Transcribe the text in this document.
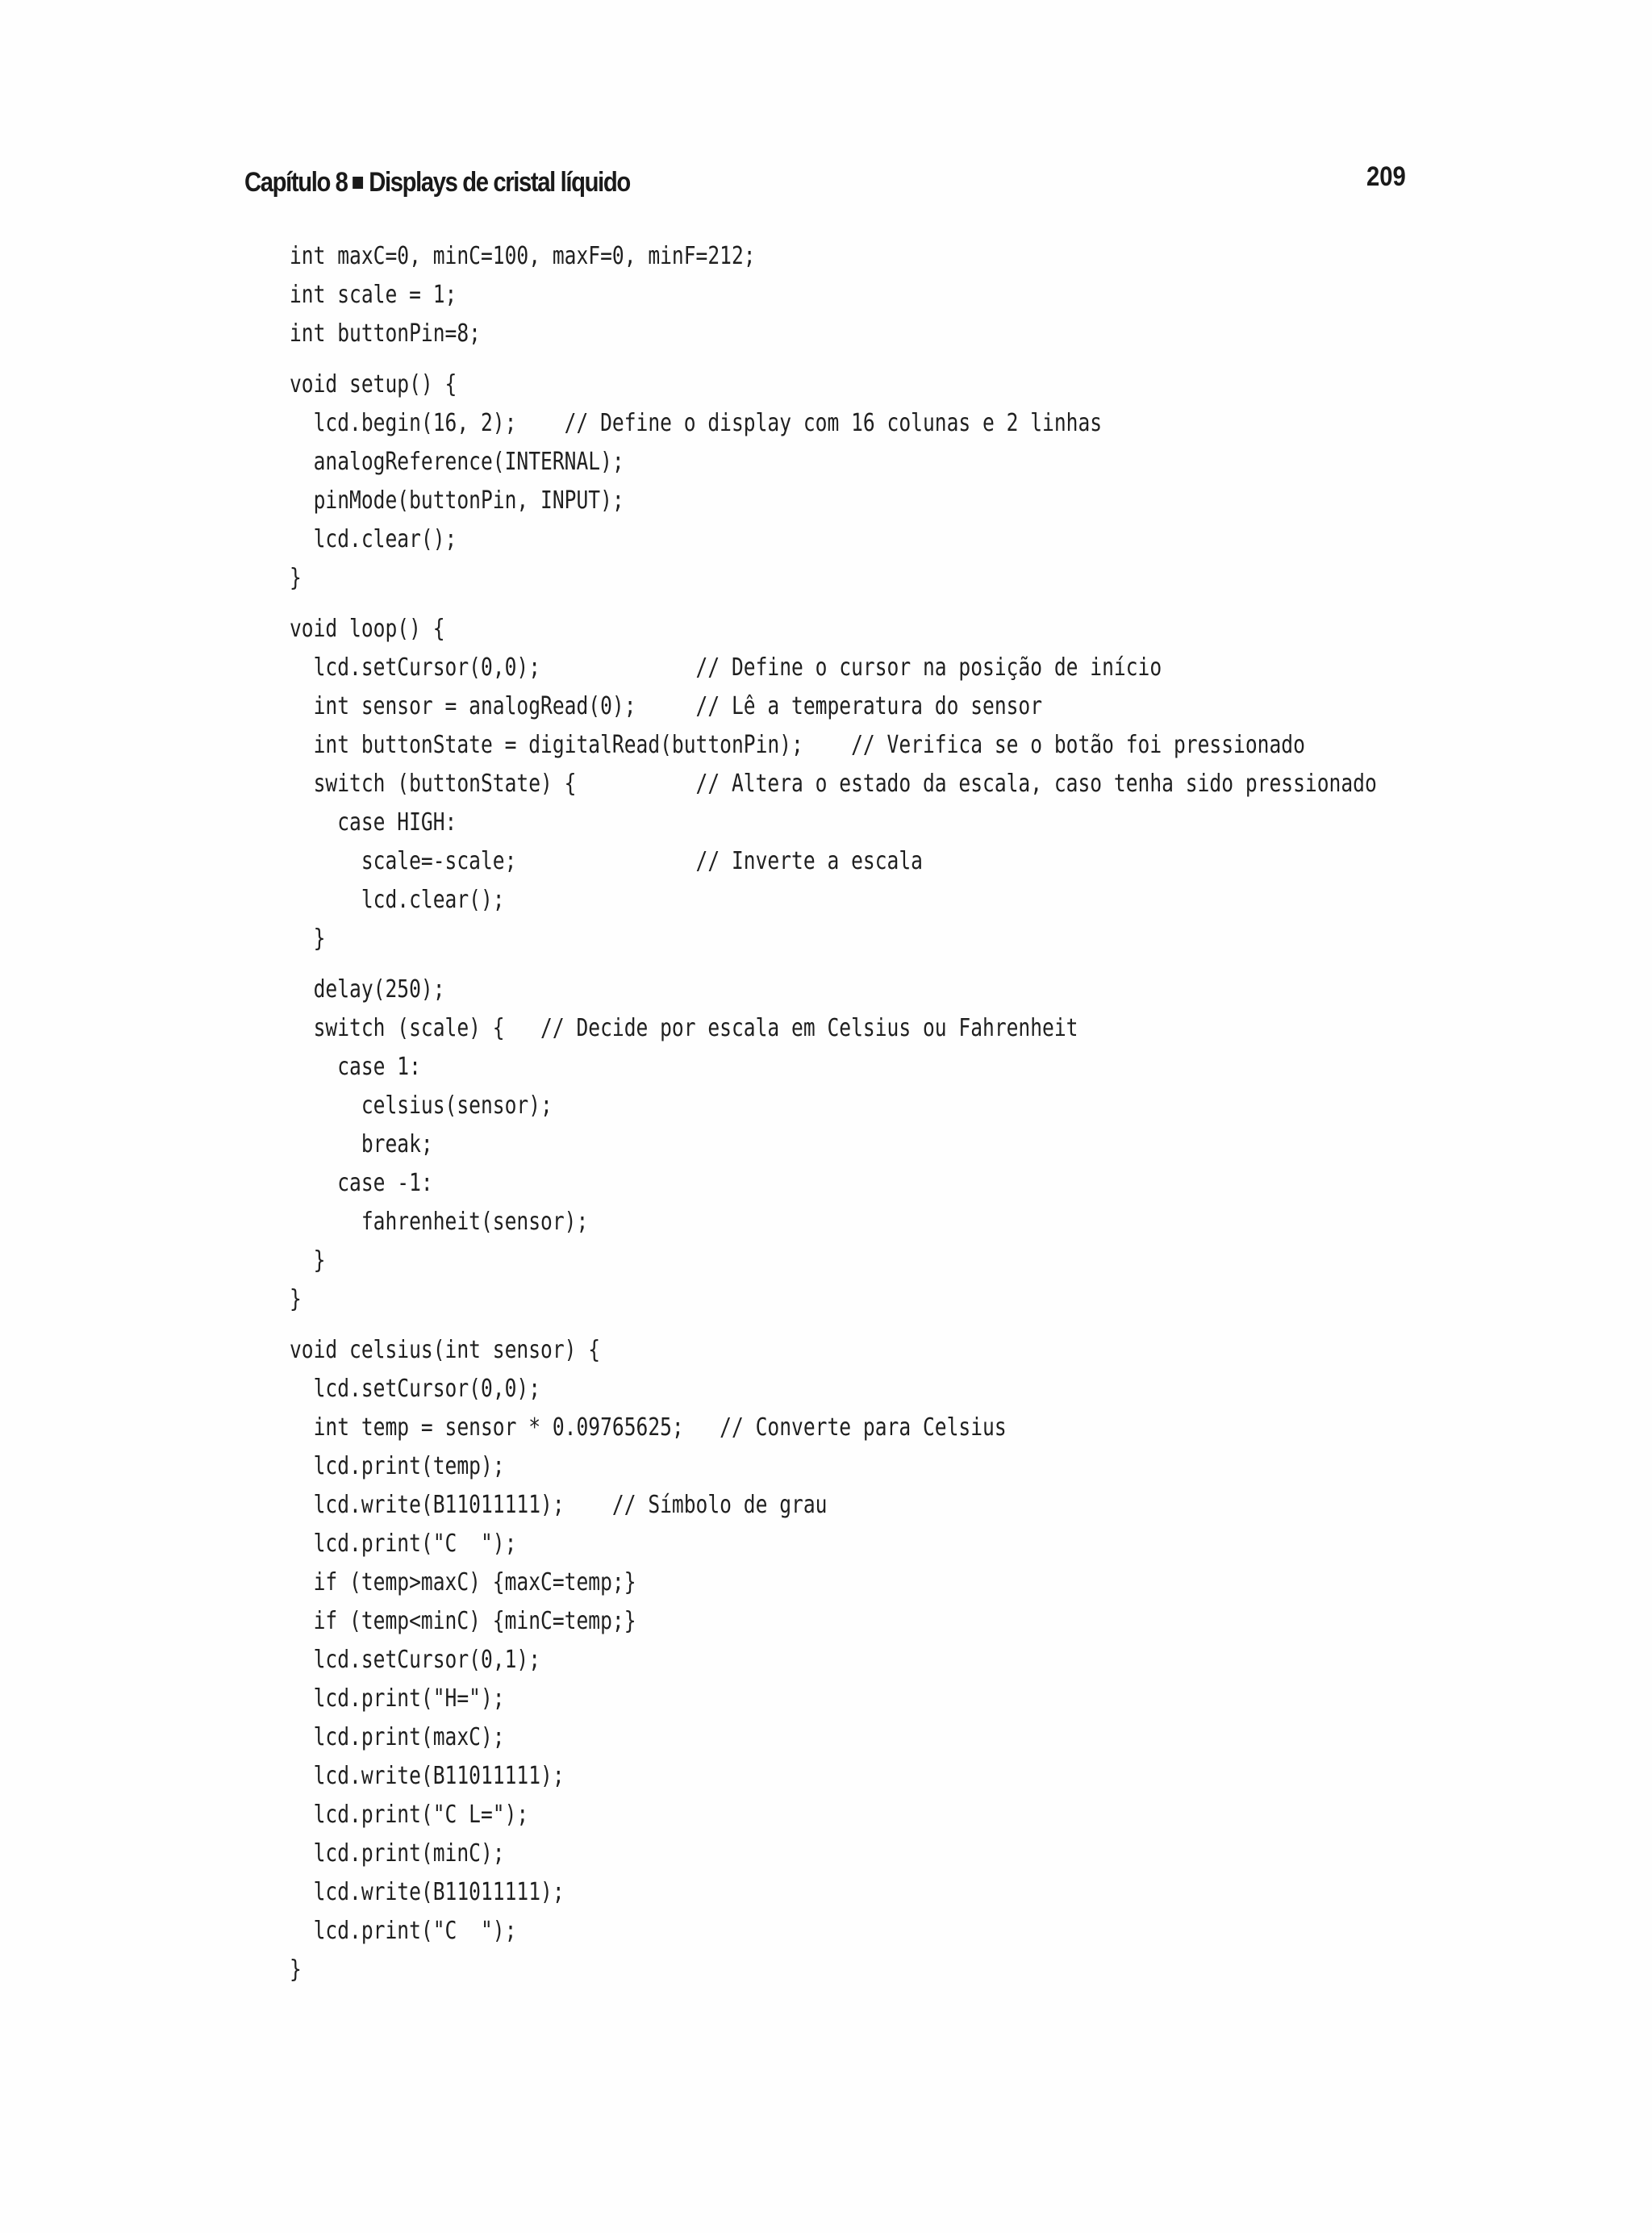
Capítulo 8 Displays de cristal líquido	209
int maxC=0, minC=100, maxF=0, minF=212;
int scale = 1;
int buttonPin=8;
void setup() {
lcd.begin(16, 2);    // Define o display com 16 colunas e 2 linhas
analogReference(INTERNAL);
pinMode(buttonPin, INPUT);
lcd.clear();
}
void loop() {
lcd.setCursor(0,0);             // Define o cursor na posição de início
int sensor = analogRead(0);     // Lê a temperatura do sensor
int buttonState = digitalRead(buttonPin);    // Verifica se o botão foi pressionado
switch (buttonState) {          // Altera o estado da escala, caso tenha sido pressionado
case HIGH:
scale=-scale;               // Inverte a escala
lcd.clear();
}
delay(250);
switch (scale) {   // Decide por escala em Celsius ou Fahrenheit
case 1:
celsius(sensor);
break;
case -1:
fahrenheit(sensor);
}
}
void celsius(int sensor) {
lcd.setCursor(0,0);
int temp = sensor * 0.09765625;   // Converte para Celsius
lcd.print(temp);
lcd.write(B11011111);    // Símbolo de grau
lcd.print("C  ");
if (temp>maxC) {maxC=temp;}
if (temp<minC) {minC=temp;}
lcd.setCursor(0,1);
lcd.print("H=");
lcd.print(maxC);
lcd.write(B11011111);
lcd.print("C L=");
lcd.print(minC);
lcd.write(B11011111);
lcd.print("C  ");
}
